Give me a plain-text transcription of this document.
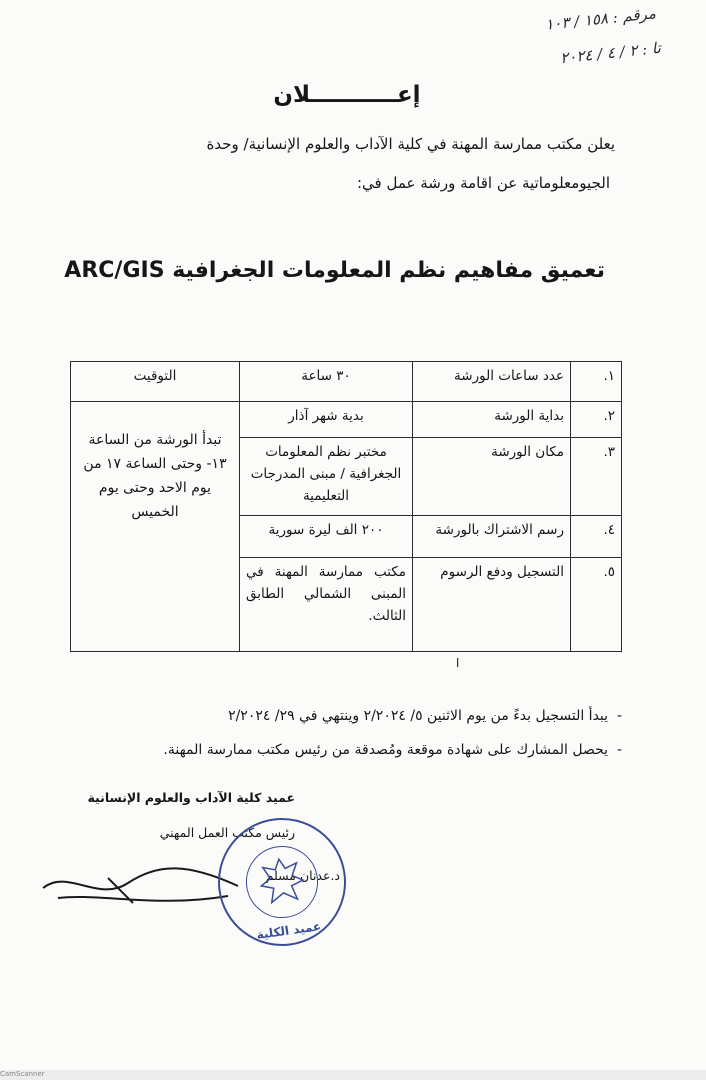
مرقم : ١٥٨ / ١٠٣
تا : ٢ / ٤ / ٢٠٢٤
إعـــــــــــلان
يعلن مكتب ممارسة المهنة في كلية الآداب والعلوم الإنسانية/ وحدة
الجيومعلوماتية عن اقامة ورشة عمل في:
تعميق مفاهيم نظم المعلومات الجغرافية ARC/GIS
١.	عدد ساعات الورشة	٣٠ ساعة	التوقيت
٢.	بداية الورشة	بدية شهر آذار	تبدأ الورشة من الساعة ١٣- وحتى الساعة ١٧ من يوم الاحد وحتى يوم الخميس
٣.	مكان الورشة	مختبر نظم المعلومات الجغرافية / مبنى المدرجات التعليمية	
٤.	رسم الاشتراك بالورشة	٢٠٠ الف ليرة سورية	
٥.	التسجيل ودفع الرسوم	مكتب ممارسة المهنة في المبنى الشمالي الطابق الثالث.	
ا
-  يبدأ التسجيل بدءً من يوم الاثنين ٥/ ٢/٢٠٢٤ وينتهي في ٢٩/ ٢/٢٠٢٤
-  يحصل المشارك على شهادة موقعة ومُصدقة من رئيس مكتب ممارسة المهنة.
عميد كلية الآداب والعلوم الإنسانية
رئيس مكتب العمل المهني
د.عدنان مسلم
عميد الكلية
CamScanner
